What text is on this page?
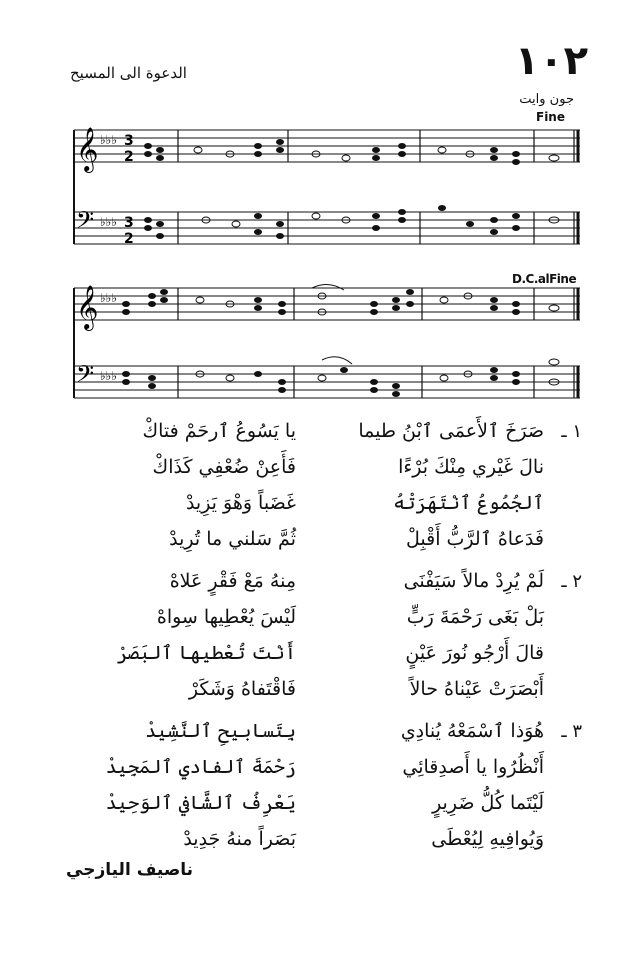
١٠٢
الدعوة الى المسيح
جون وايت
Fine
D.C.alFine
𝄞
𝄢
♭♭♭
♭♭♭
3
2
3
2
𝄞
𝄢
♭♭♭
♭♭♭
١ ـ
صَرَخَ ٱلأَعمَى ٱبْنُ طيما
يا يَسُوعُ ٱرحَمْ فتاكْ
نالَ غَيْري مِنْكَ بُرْءًا
فَأَعِنْ ضُعْفِي كَذَاكْ
ٱلجُمُوعُ ٱنْتَهَرَتْهُ
غَضَباً وَهْوَ يَزِيدْ
فَدَعاهُ ٱلرَّبُّ أَقْبِلْ
ثُمَّ سَلني ما تُرِيدْ
٢ ـ
لَمْ يُرِدْ مالاً سَيَفْنَى
مِنهُ مَعْ فَقْرٍ عَلاهْ
بَلْ بَغَى رَحْمَةَ رَبٍّ
لَيْسَ يُعْطِيها سِواهْ
قالَ أَرْجُو نُورَ عَيْنٍ
أَنْتَ تُعْطيها ٱلبَصَرْ
أَبْصَرَتْ عَيْناهُ حالاً
فَاقْتَفاهُ وَشَكَرْ
٣ ـ
هُوَذا ٱسْمَعْهُ يُنادِي
بِتَسابيحِ ٱلنَّشِيدْ
أَنْظُرُوا يا أَصدِقائِي
رَحْمَةَ ٱلفادي ٱلمَجِيدْ
لَيْتَما كُلُّ ضَرِيرٍ
يَعْرِفُ ٱلشَّافي ٱلوَحِيدْ
وَيُوافِيهِ لِيُعْطَى
بَصَراً منهُ جَدِيدْ
ناصيف اليازجي
